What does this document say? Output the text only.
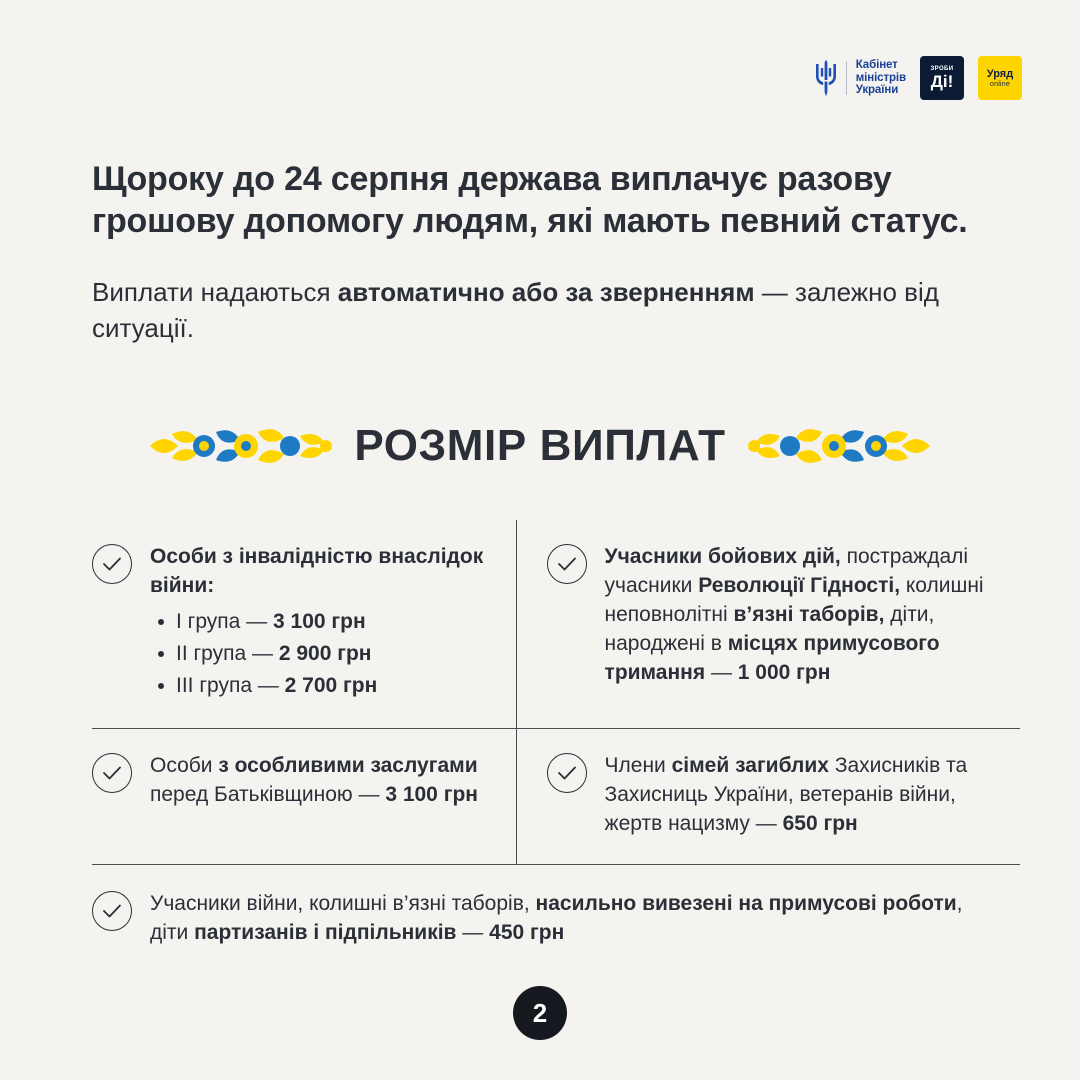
Кабінет
міністрів
України
ЗРОБИ
Діǃ	Уряд
online

Щороку до 24 серпня держава виплачує разову грошову допомогу людям, які мають певний статус.

Виплати надаються автоматично або за зверненням — залежно від ситуації.

РОЗМІР ВИПЛАТ
Особи з інвалідністю внаслідок війни:
I група — 3 100 грн
II група — 2 900 грн
III група — 2 700 грн
Учасники бойових дій, постраждалі учасники Революції Гідності, колишні неповнолітні в’язні таборів, діти, народжені в місцях примусового тримання — 1 000 грн
Особи з особливими заслугами перед Батьківщиною — 3 100 грн
Члени сімей загиблих Захисників та Захисниць України, ветеранів війни, жертв нацизму — 650 грн
Учасники війни, колишні в’язні таборів, насильно вивезені на примусові роботи, діти партизанів і підпільників — 450 грн
2
